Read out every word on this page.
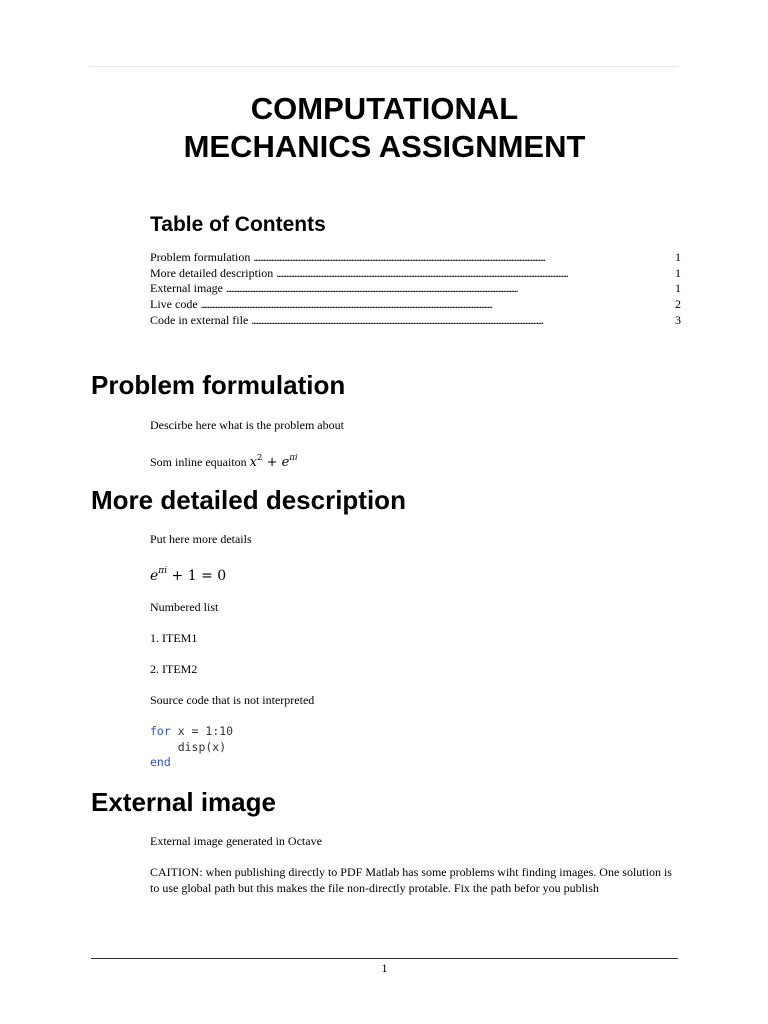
COMPUTATIONAL
MECHANICS ASSIGNMENT
Table of Contents
Problem formulation . . .	1
More detailed description . . .	1
External image . . .	1
Live code . . .	2
Code in external file . . .	3
Problem formulation

Descirbe here what is the problem about

Som inline equaiton $x^2 + e^{\pi i}$

More detailed description

Put here more details

$e^{\pi i} + 1 = 0$

Numbered list

1. ITEM1

2. ITEM2

Source code that is not interpreted

for x = 1:10
disp(x)
end
External image

External image generated in Octave

CAITION: when publishing directly to PDF Matlab has some problems wiht finding images. One solution is to use global path but this makes the file non-directly protable. Fix the path befor you publish

1
